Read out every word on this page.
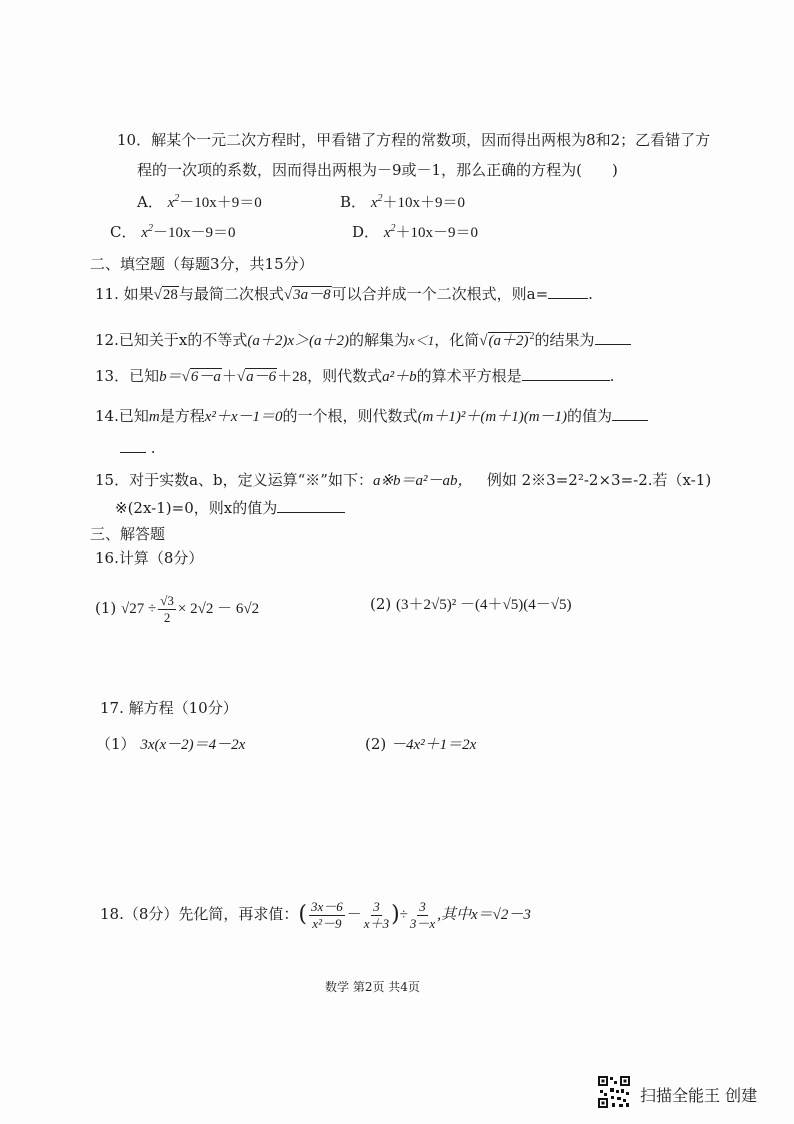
10．解某个一元二次方程时，甲看错了方程的常数项，因而得出两根为8和2；乙看错了方
程的一次项的系数，因而得出两根为－9或－1，那么正确的方程为(　　)
A． $x^2-10x+9=0$	B． $x^2+10x+9=0$
C． $x^2-10x-9=0$	D． $x^2+10x-9=0$
二、填空题（每题3分，共15分）
11. 如果√28与最简二次根式√3a－8可以合并成一个二次根式，则a=	.
12.已知关于x的不等式(a＋2)x＞(a＋2)的解集为x＜1，化简$√(a+2)^2$的结果为
13．已知b＝√6－a＋√a－6＋28，则代数式a²＋b的算术平方根是	.
14.已知m是方程x²＋x－1＝0的一个根，则代数式(m＋1)²＋(m＋1)(m－1)的值为
.
15．对于实数a、b，定义运算“※”如下：a※b＝a²－ab， 例如 2※3=2²-2×3=-2.若（x-1)
※(2x-1)=0，则x的值为
三、解答题
16.计算（8分）
(1) $√27 \div \frac{√3}{2} \times 2√2 - 6√2$	(2) (3＋2√5)² －(4＋√5)(4－√5)
17. 解方程（10分）
（1） 3x(x－2)＝4－2x	(2) －4x²＋1＝2x
18.（8分）先化简，再求值：( $\frac{3x-6}{\text{x²－9}} - \frac{3}{x+3}$ )÷ $\frac{3}{3-x}$ ,其中x＝√2－3
数学 第2页 共4页
扫描全能王 创建
